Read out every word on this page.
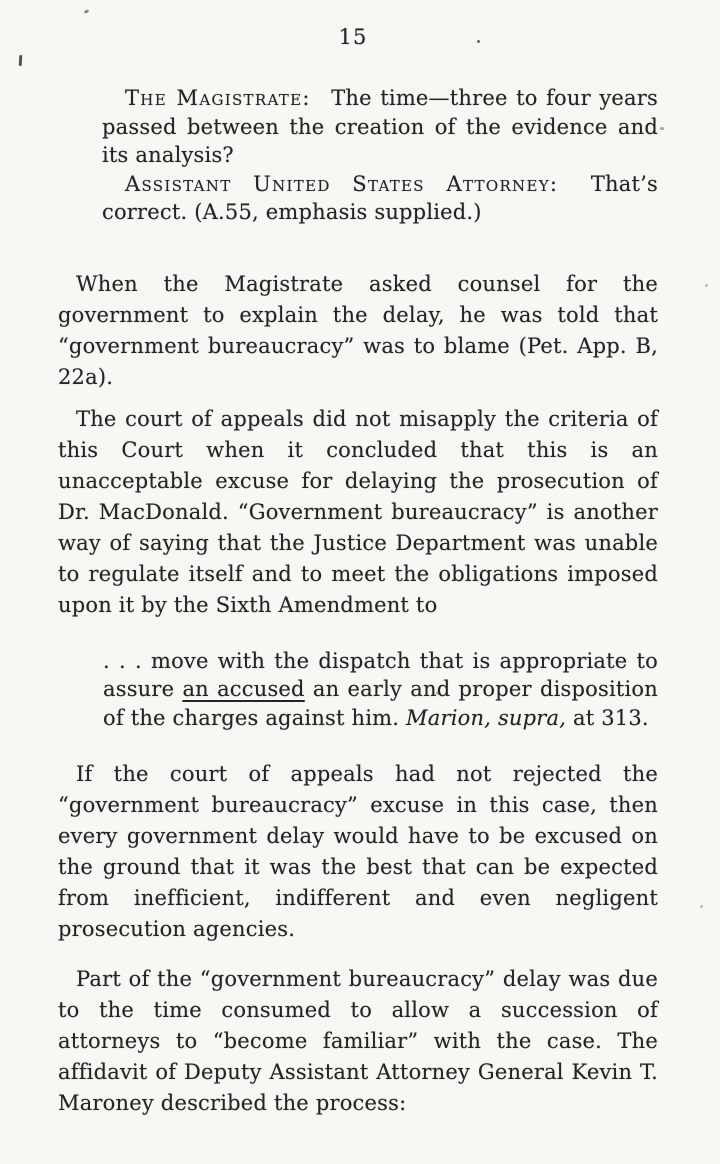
15

The Magistrate: The time—three to four years passed between the creation of the evidence and its analysis?

Assistant United States Attorney: That’s correct. (A.55, emphasis supplied.)

When the Magistrate asked counsel for the government to explain the delay, he was told that “government bureaucracy” was to blame (Pet. App. B, 22a).

The court of appeals did not misapply the criteria of this Court when it concluded that this is an unacceptable excuse for delaying the prosecution of Dr. MacDonald. “Government bureaucracy” is another way of saying that the Justice Department was unable to regulate itself and to meet the obligations imposed upon it by the Sixth Amendment to

. . . move with the dispatch that is appropriate to assure an accused an early and proper disposition of the charges against him. Marion, supra, at 313.

If the court of appeals had not rejected the “government bureaucracy” excuse in this case, then every government delay would have to be excused on the ground that it was the best that can be expected from inefficient, indifferent and even negligent prosecution agencies.

Part of the “government bureaucracy” delay was due to the time consumed to allow a succession of attorneys to “become familiar” with the case. The affidavit of Deputy Assistant Attorney General Kevin T. Maroney described the process:
